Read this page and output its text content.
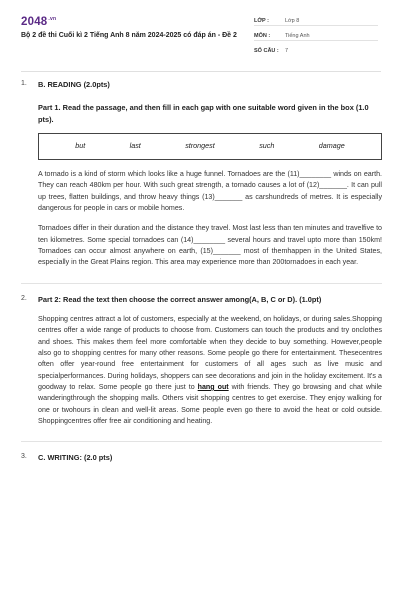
$2048^{.vn}$
Bộ 2 đề thi Cuối kì 2 Tiếng Anh 8 năm 2024-2025 có đáp án - Đề 2
LỚP :	Lớp 8
MÔN :	Tiếng Anh
SỐ CÂU : 7
1. B. READING (2.0pts)
Part 1. Read the passage, and then fill in each gap with one suitable word given in the box (1.0 pts).
but	last	strongest	such	damage

A tornado is a kind of storm which looks like a huge funnel. Tornadoes are the (11)________ winds on earth. They can reach 480km per hour. With such great strength, a tornado causes a lot of (12)_______. It can pull up trees, flatten buildings, and throw heavy things (13)_______ as carshundreds of metres. It is especially dangerous for people in cars or mobile homes.

Tornadoes differ in their duration and the distance they travel. Most last less than ten minutes and travelfive to ten kilometres. Some special tornadoes can (14)________ several hours and travel upto more than 150km! Tornadoes can occur almost anywhere on earth, (15)_______ most of themhappen in the United States, especially in the Great Plains region. This area may experience more than 200tornadoes in each year.

2. Part 2: Read the text then choose the correct answer among(A, B, C or D). (1.0pt)

Shopping centres attract a lot of customers, especially at the weekend, on holidays, or during sales.Shopping centres offer a wide range of products to choose from. Customers can touch the products and try onclothes and shoes. This makes them feel more comfortable when they decide to buy something. However,people also go to shopping centres for many other reasons. Some people go there for entertainment. Thesecentres often offer year-round free entertainment for customers of all ages such as live music and specialperformances. During holidays, shoppers can see decorations and join in the holiday excitement. It's a goodway to relax. Some people go there just to hang out with friends. They go browsing and chat while wanderingthrough the shopping malls. Others visit shopping centres to get exercise. They enjoy walking for one or twohours in clean and well-lit areas. Some people even go there to avoid the heat or cold outside. Shoppingcentres offer free air conditioning and heating.

3. C. WRITING: (2.0 pts)
